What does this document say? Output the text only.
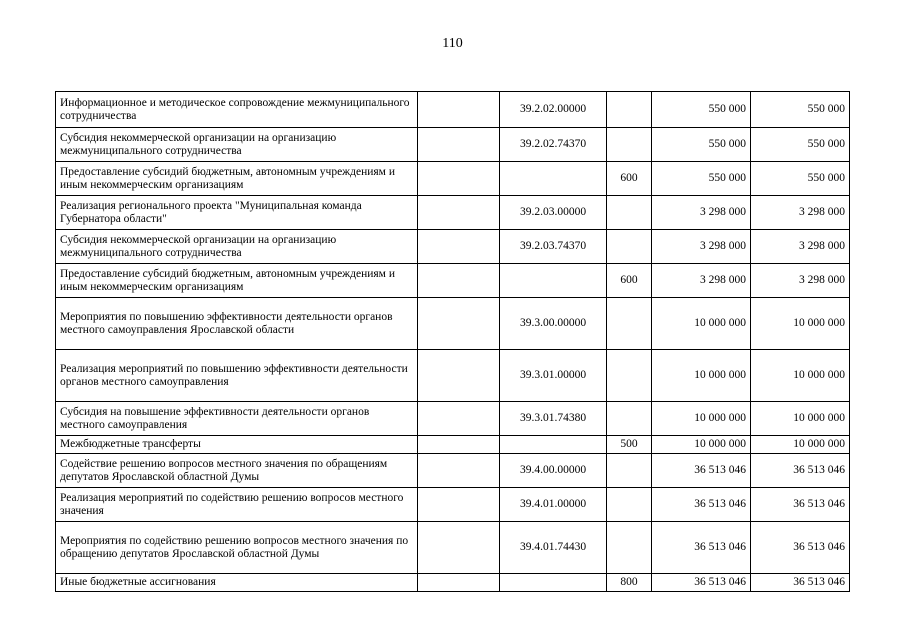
110
Информационное и методическое сопровождение межмуниципального сотрудничества		39.2.02.00000		550 000	550 000
Субсидия некоммерческой организации на организацию межмуниципального сотрудничества		39.2.02.74370		550 000	550 000
Предоставление субсидий бюджетным, автономным учреждениям и иным некоммерческим организациям			600	550 000	550 000
Реализация регионального проекта "Муниципальная команда Губернатора области"		39.2.03.00000		3 298 000	3 298 000
Субсидия некоммерческой организации на организацию межмуниципального сотрудничества		39.2.03.74370		3 298 000	3 298 000
Предоставление субсидий бюджетным, автономным учреждениям и иным некоммерческим организациям			600	3 298 000	3 298 000
Мероприятия по повышению эффективности деятельности органов местного самоуправления Ярославской области		39.3.00.00000		10 000 000	10 000 000
Реализация мероприятий по повышению эффективности деятельности органов местного самоуправления		39.3.01.00000		10 000 000	10 000 000
Субсидия на повышение эффективности деятельности органов местного самоуправления		39.3.01.74380		10 000 000	10 000 000
Межбюджетные трансферты			500	10 000 000	10 000 000
Содействие решению вопросов местного значения по обращениям депутатов Ярославской областной Думы		39.4.00.00000		36 513 046	36 513 046
Реализация мероприятий по содействию решению вопросов местного значения		39.4.01.00000		36 513 046	36 513 046
Мероприятия по содействию решению вопросов местного значения по обращению депутатов Ярославской областной Думы		39.4.01.74430		36 513 046	36 513 046
Иные бюджетные ассигнования			800	36 513 046	36 513 046
